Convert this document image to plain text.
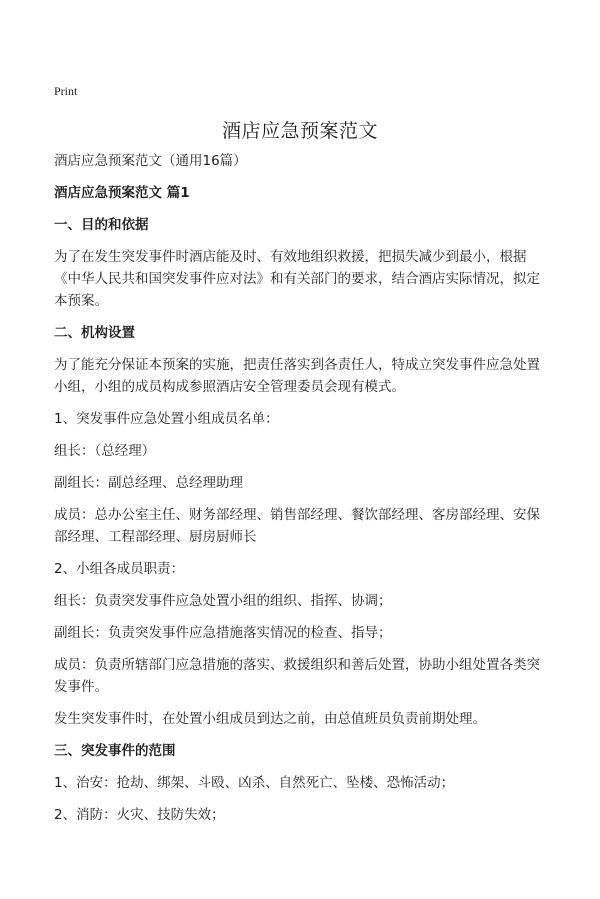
Print
酒店应急预案范文

酒店应急预案范文（通用16篇）

酒店应急预案范文 篇1

一、目的和依据

为了在发生突发事件时酒店能及时、有效地组织救援，把损失减少到最小，根据《中华人民共和国突发事件应对法》和有关部门的要求，结合酒店实际情况，拟定本预案。

二、机构设置

为了能充分保证本预案的实施，把责任落实到各责任人，特成立突发事件应急处置小组，小组的成员构成参照酒店安全管理委员会现有模式。

1、突发事件应急处置小组成员名单：

组长：（总经理）

副组长：副总经理、总经理助理

成员：总办公室主任、财务部经理、销售部经理、餐饮部经理、客房部经理、安保部经理、工程部经理、厨房厨师长

2、小组各成员职责：

组长：负责突发事件应急处置小组的组织、指挥、协调；

副组长：负责突发事件应急措施落实情况的检查、指导；

成员：负责所辖部门应急措施的落实、救援组织和善后处置，协助小组处置各类突发事件。

发生突发事件时，在处置小组成员到达之前，由总值班员负责前期处理。

三、突发事件的范围

1、治安：抢劫、绑架、斗殴、凶杀、自然死亡、坠楼、恐怖活动；

2、消防：火灾、技防失效；
